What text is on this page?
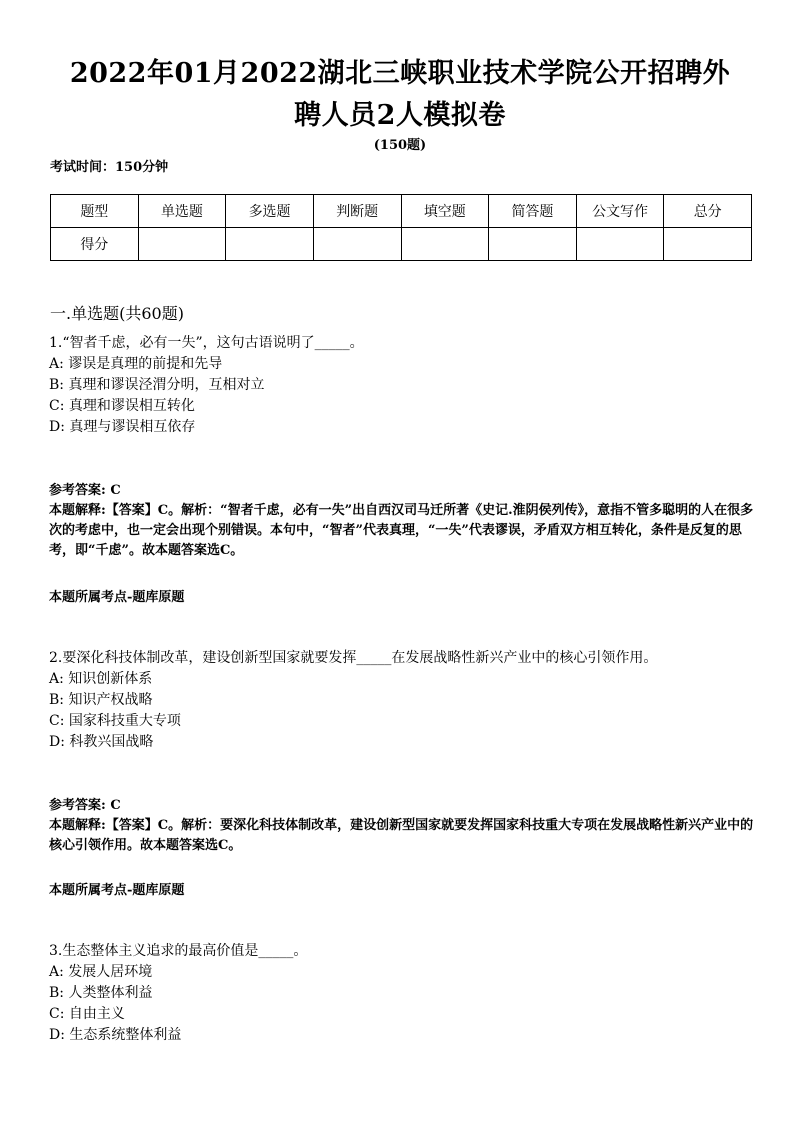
2022年01月2022湖北三峡职业技术学院公开招聘外
聘人员2人模拟卷
(150题)
考试时间：150分钟
题型	单选题	多选题	判断题	填空题	简答题	公文写作	总分
得分							
一.单选题(共60题)
1.“智者千虑，必有一失”，这句古语说明了_____。
A: 谬误是真理的前提和先导
B: 真理和谬误泾渭分明，互相对立
C: 真理和谬误相互转化
D: 真理与谬误相互依存
参考答案: C
本题解释:【答案】C。解析：“智者千虑，必有一失”出自西汉司马迁所著《史记.淮阴侯列传》，意指不管多聪明的人在很多次的考虑中，也一定会出现个别错误。本句中，“智者”代表真理，“一失”代表谬误，矛盾双方相互转化，条件是反复的思考，即“千虑”。故本题答案选C。
本题所属考点-题库原题
2.要深化科技体制改革，建设创新型国家就要发挥_____在发展战略性新兴产业中的核心引领作用。
A: 知识创新体系
B: 知识产权战略
C: 国家科技重大专项
D: 科教兴国战略
参考答案: C
本题解释:【答案】C。解析：要深化科技体制改革，建设创新型国家就要发挥国家科技重大专项在发展战略性新兴产业中的核心引领作用。故本题答案选C。
本题所属考点-题库原题
3.生态整体主义追求的最高价值是_____。
A: 发展人居环境
B: 人类整体利益
C: 自由主义
D: 生态系统整体利益
